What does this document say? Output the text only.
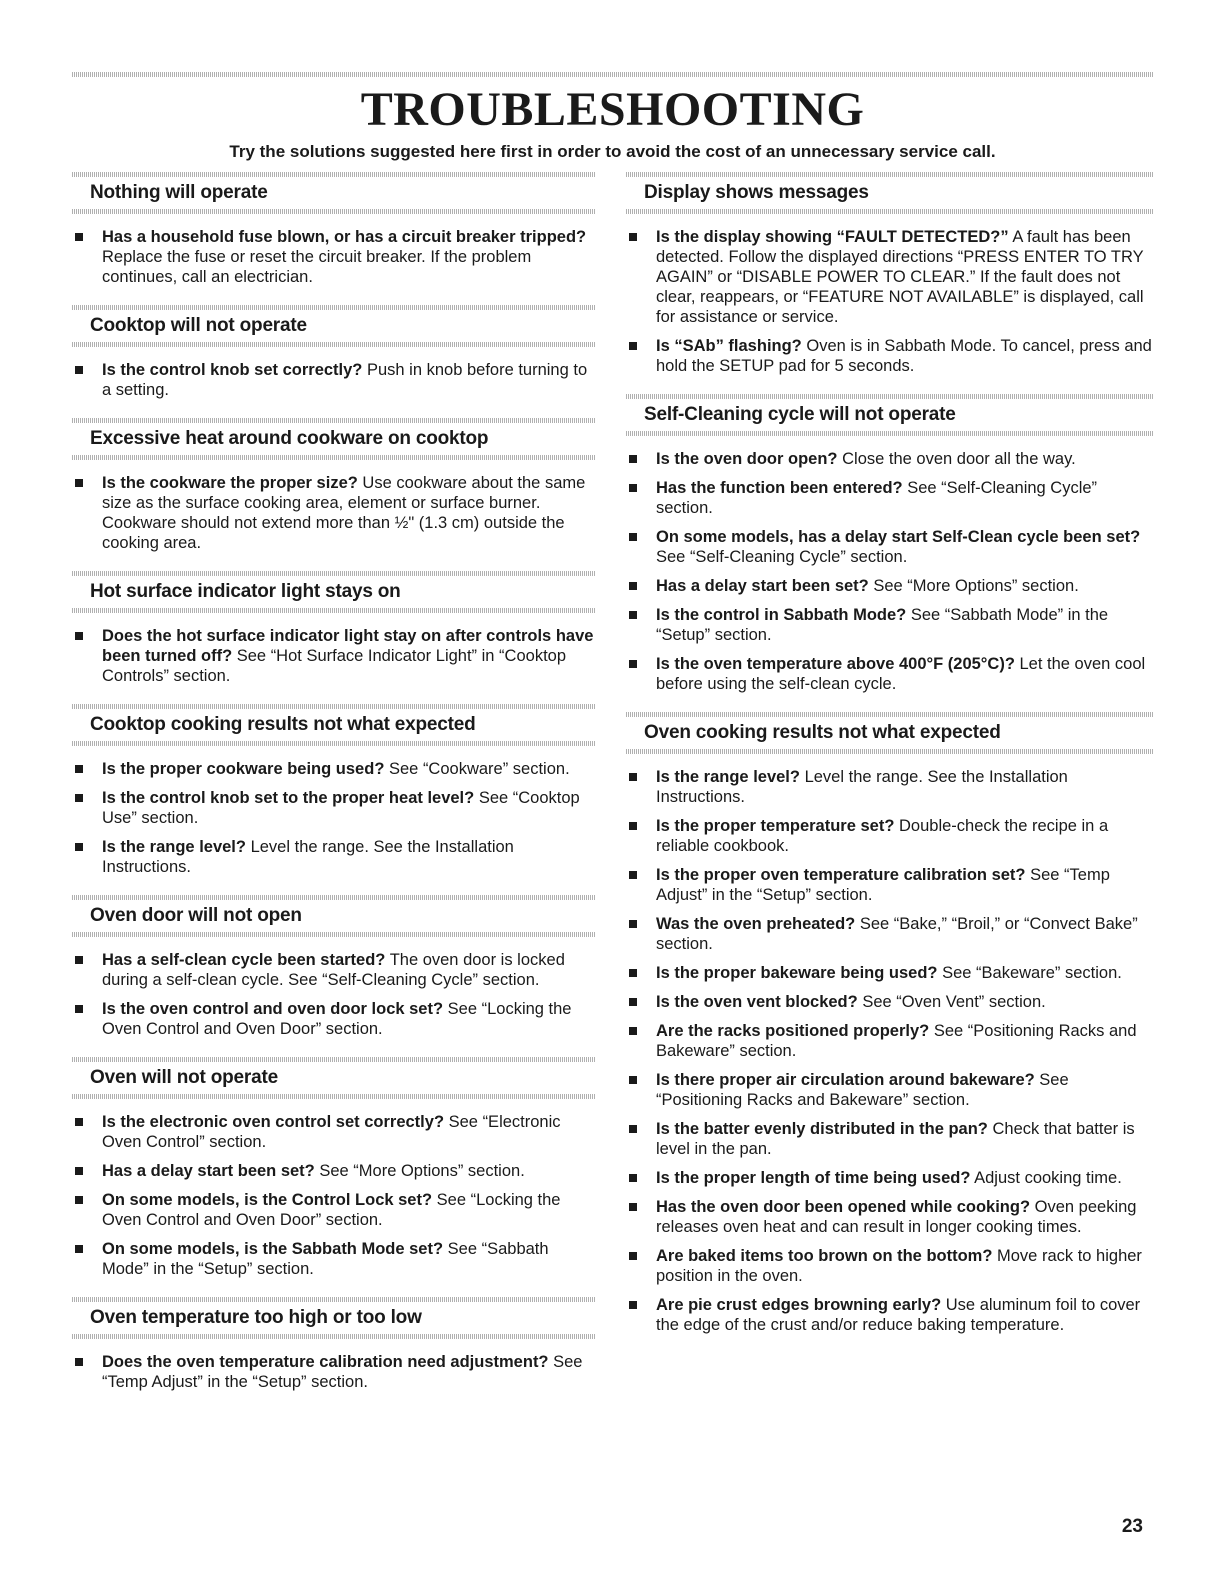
TROUBLESHOOTING

Try the solutions suggested here first in order to avoid the cost of an unnecessary service call.

Nothing will operate
Has a household fuse blown, or has a circuit breaker tripped? Replace the fuse or reset the circuit breaker. If the problem continues, call an electrician.
Cooktop will not operate
Is the control knob set correctly? Push in knob before turning to a setting.
Excessive heat around cookware on cooktop
Is the cookware the proper size? Use cookware about the same size as the surface cooking area, element or surface burner. Cookware should not extend more than ½" (1.3 cm) outside the cooking area.
Hot surface indicator light stays on
Does the hot surface indicator light stay on after controls have been turned off? See “Hot Surface Indicator Light” in “Cooktop Controls” section.
Cooktop cooking results not what expected
Is the proper cookware being used? See “Cookware” section.
Is the control knob set to the proper heat level? See “Cooktop Use” section.
Is the range level? Level the range. See the Installation Instructions.
Oven door will not open
Has a self-clean cycle been started? The oven door is locked during a self-clean cycle. See “Self-Cleaning Cycle” section.
Is the oven control and oven door lock set? See “Locking the Oven Control and Oven Door” section.
Oven will not operate
Is the electronic oven control set correctly? See “Electronic Oven Control” section.
Has a delay start been set? See “More Options” section.
On some models, is the Control Lock set? See “Locking the Oven Control and Oven Door” section.
On some models, is the Sabbath Mode set? See “Sabbath Mode” in the “Setup” section.
Oven temperature too high or too low
Does the oven temperature calibration need adjustment? See “Temp Adjust” in the “Setup” section.
Display shows messages
Is the display showing “FAULT DETECTED?” A fault has been detected. Follow the displayed directions “PRESS ENTER TO TRY AGAIN” or “DISABLE POWER TO CLEAR.” If the fault does not clear, reappears, or “FEATURE NOT AVAILABLE” is displayed, call for assistance or service.
Is “SAb” flashing? Oven is in Sabbath Mode. To cancel, press and hold the SETUP pad for 5 seconds.
Self-Cleaning cycle will not operate
Is the oven door open? Close the oven door all the way.
Has the function been entered? See “Self-Cleaning Cycle” section.
On some models, has a delay start Self-Clean cycle been set? See “Self-Cleaning Cycle” section.
Has a delay start been set? See “More Options” section.
Is the control in Sabbath Mode? See “Sabbath Mode” in the “Setup” section.
Is the oven temperature above 400°F (205°C)? Let the oven cool before using the self-clean cycle.
Oven cooking results not what expected
Is the range level? Level the range. See the Installation Instructions.
Is the proper temperature set? Double-check the recipe in a reliable cookbook.
Is the proper oven temperature calibration set? See “Temp Adjust” in the “Setup” section.
Was the oven preheated? See “Bake,” “Broil,” or “Convect Bake” section.
Is the proper bakeware being used? See “Bakeware” section.
Is the oven vent blocked? See “Oven Vent” section.
Are the racks positioned properly? See “Positioning Racks and Bakeware” section.
Is there proper air circulation around bakeware? See “Positioning Racks and Bakeware” section.
Is the batter evenly distributed in the pan? Check that batter is level in the pan.
Is the proper length of time being used? Adjust cooking time.
Has the oven door been opened while cooking? Oven peeking releases oven heat and can result in longer cooking times.
Are baked items too brown on the bottom? Move rack to higher position in the oven.
Are pie crust edges browning early? Use aluminum foil to cover the edge of the crust and/or reduce baking temperature.

23
